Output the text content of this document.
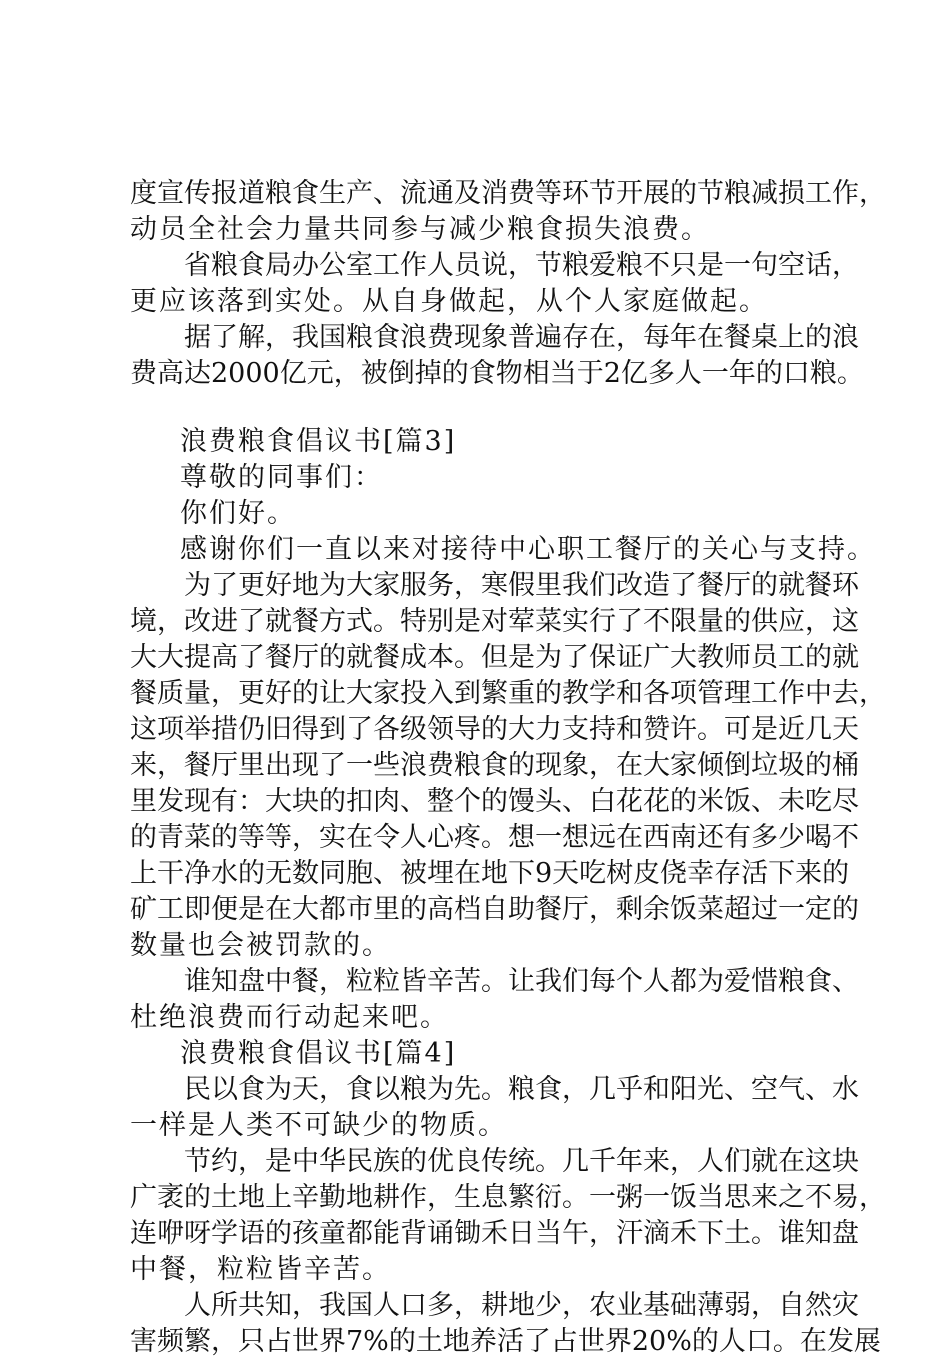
度宣传报道粮食生产、流通及消费等环节开展的节粮减损工作，
动员全社会力量共同参与减少粮食损失浪费。
省粮食局办公室工作人员说，节粮爱粮不只是一句空话，
更应该落到实处。从自身做起，从个人家庭做起。
据了解，我国粮食浪费现象普遍存在，每年在餐桌上的浪
费高达2000亿元，被倒掉的食物相当于2亿多人一年的口粮。
浪费粮食倡议书[篇3]
尊敬的同事们：
你们好。
感谢你们一直以来对接待中心职工餐厅的关心与支持。
为了更好地为大家服务，寒假里我们改造了餐厅的就餐环
境，改进了就餐方式。特别是对荤菜实行了不限量的供应，这
大大提高了餐厅的就餐成本。但是为了保证广大教师员工的就
餐质量，更好的让大家投入到繁重的教学和各项管理工作中去，
这项举措仍旧得到了各级领导的大力支持和赞许。可是近几天
来，餐厅里出现了一些浪费粮食的现象，在大家倾倒垃圾的桶
里发现有：大块的扣肉、整个的馒头、白花花的米饭、未吃尽
的青菜的等等，实在令人心疼。想一想远在西南还有多少喝不
上干净水的无数同胞、被埋在地下9天吃树皮侥幸存活下来的
矿工即便是在大都市里的高档自助餐厅，剩余饭菜超过一定的
数量也会被罚款的。
谁知盘中餐，粒粒皆辛苦。让我们每个人都为爱惜粮食、
杜绝浪费而行动起来吧。
浪费粮食倡议书[篇4]
民以食为天，食以粮为先。粮食，几乎和阳光、空气、水
一样是人类不可缺少的物质。
节约，是中华民族的优良传统。几千年来，人们就在这块
广袤的土地上辛勤地耕作，生息繁衍。一粥一饭当思来之不易，
连咿呀学语的孩童都能背诵锄禾日当午，汗滴禾下土。谁知盘
中餐，粒粒皆辛苦。
人所共知，我国人口多，耕地少，农业基础薄弱，自然灾
害频繁，只占世界7%的土地养活了占世界20%的人口。在发展
